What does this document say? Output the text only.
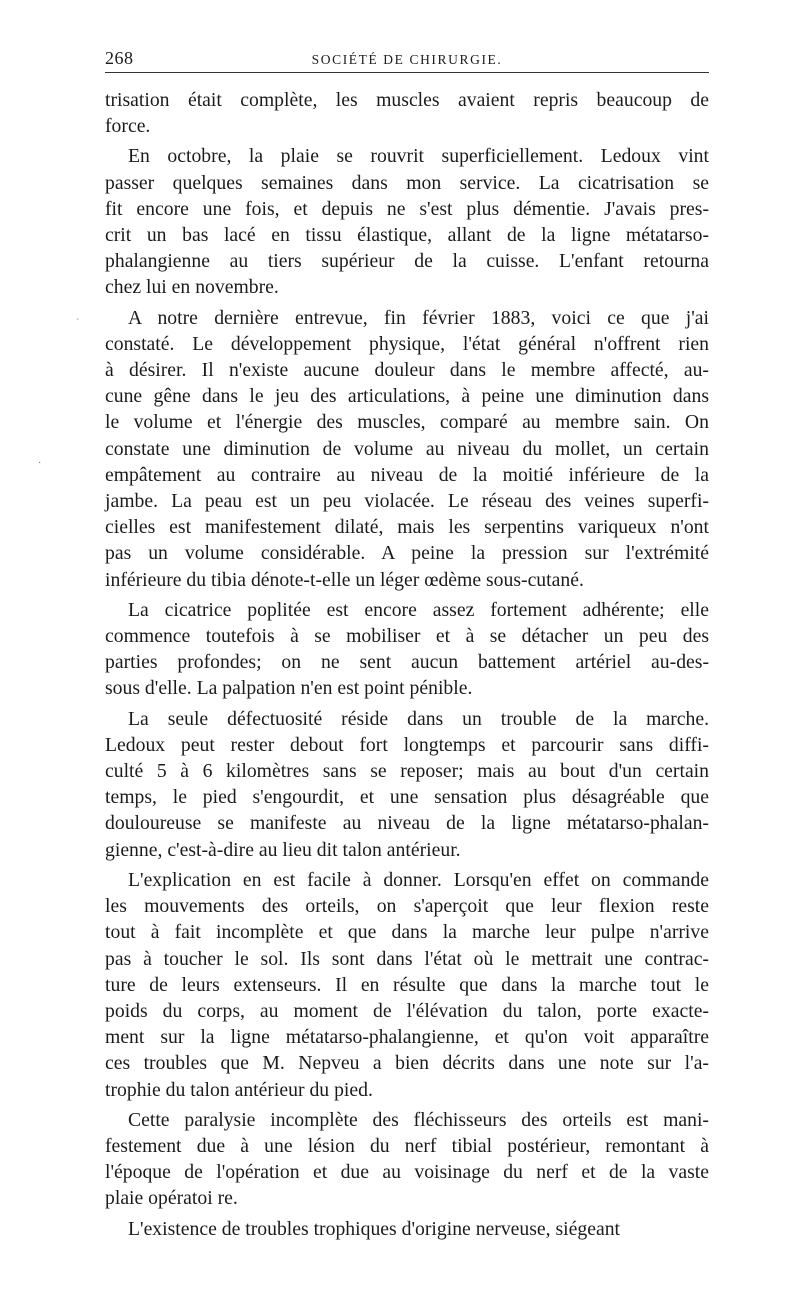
268	SOCIÉTÉ DE CHIRURGIE.

trisation était complète, les muscles avaient repris beaucoup de
force.

En octobre, la plaie se rouvrit superficiellement. Ledoux vint
passer quelques semaines dans mon service. La cicatrisation se
fit encore une fois, et depuis ne s'est plus démentie. J'avais pres-
crit un bas lacé en tissu élastique, allant de la ligne métatarso-
phalangienne au tiers supérieur de la cuisse. L'enfant retourna
chez lui en novembre.

A notre dernière entrevue, fin février 1883, voici ce que j'ai
constaté. Le développement physique, l'état général n'offrent rien
à désirer. Il n'existe aucune douleur dans le membre affecté, au-
cune gêne dans le jeu des articulations, à peine une diminution dans
le volume et l'énergie des muscles, comparé au membre sain. On
constate une diminution de volume au niveau du mollet, un certain
empâtement au contraire au niveau de la moitié inférieure de la
jambe. La peau est un peu violacée. Le réseau des veines superfi-
cielles est manifestement dilaté, mais les serpentins variqueux n'ont
pas un volume considérable. A peine la pression sur l'extrémité
inférieure du tibia dénote-t-elle un léger œdème sous-cutané.

La cicatrice poplitée est encore assez fortement adhérente; elle
commence toutefois à se mobiliser et à se détacher un peu des
parties profondes; on ne sent aucun battement artériel au-des-
sous d'elle. La palpation n'en est point pénible.

La seule défectuosité réside dans un trouble de la marche.
Ledoux peut rester debout fort longtemps et parcourir sans diffi-
culté 5 à 6 kilomètres sans se reposer; mais au bout d'un certain
temps, le pied s'engourdit, et une sensation plus désagréable que
douloureuse se manifeste au niveau de la ligne métatarso-phalan-
gienne, c'est-à-dire au lieu dit talon antérieur.

L'explication en est facile à donner. Lorsqu'en effet on commande
les mouvements des orteils, on s'aperçoit que leur flexion reste
tout à fait incomplète et que dans la marche leur pulpe n'arrive
pas à toucher le sol. Ils sont dans l'état où le mettrait une contrac-
ture de leurs extenseurs. Il en résulte que dans la marche tout le
poids du corps, au moment de l'élévation du talon, porte exacte-
ment sur la ligne métatarso-phalangienne, et qu'on voit apparaître
ces troubles que M. Nepveu a bien décrits dans une note sur l'a-
trophie du talon antérieur du pied.

Cette paralysie incomplète des fléchisseurs des orteils est mani-
festement due à une lésion du nerf tibial postérieur, remontant à
l'époque de l'opération et due au voisinage du nerf et de la vaste
plaie opératoi re.

L'existence de troubles trophiques d'origine nerveuse, siégeant

ˋ
·
